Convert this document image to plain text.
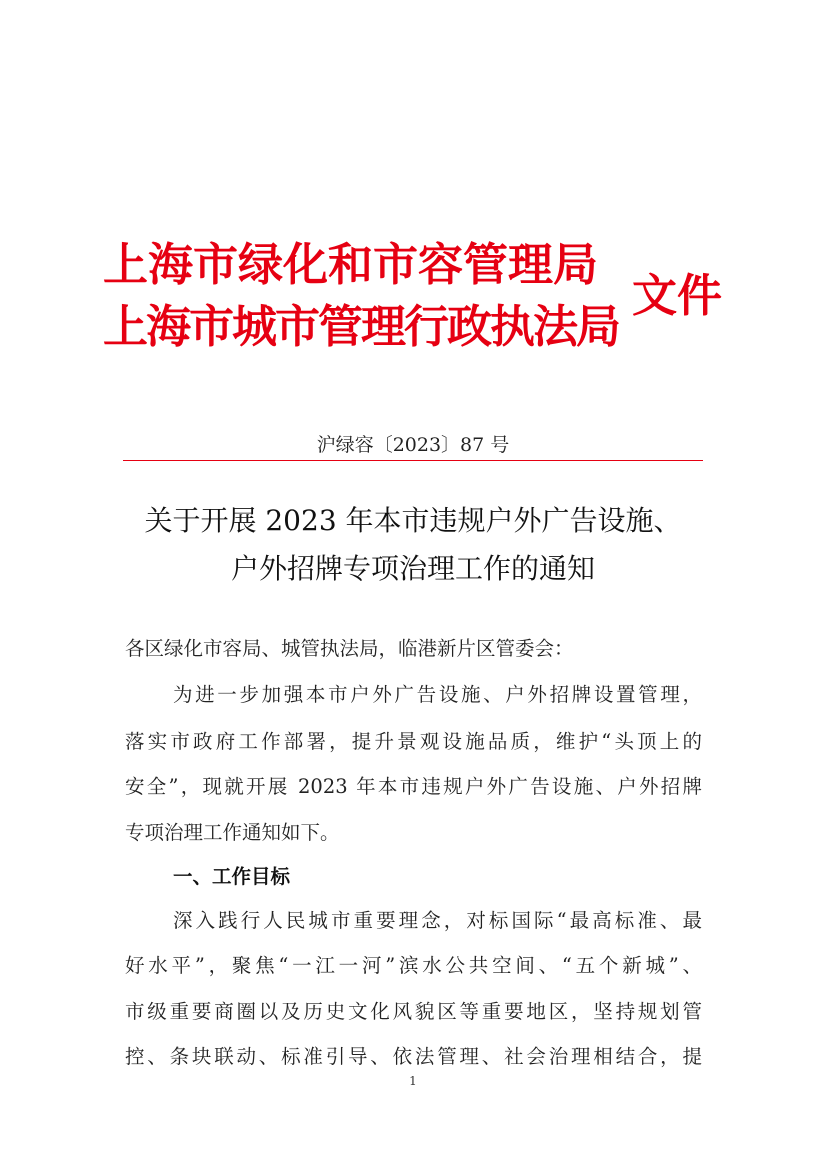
上海市绿化和市容管理局
上海市城市管理行政执法局
文件
沪绿容〔2023〕87 号
关于开展 2023 年本市违规户外广告设施、
户外招牌专项治理工作的通知
各区绿化市容局、城管执法局，临港新片区管委会：
为进一步加强本市户外广告设施、户外招牌设置管理，
落实市政府工作部署，提升景观设施品质，维护“头顶上的
安全”，现就开展 2023 年本市违规户外广告设施、户外招牌
专项治理工作通知如下。
一、工作目标
深入践行人民城市重要理念，对标国际“最高标准、最
好水平”，聚焦“一江一河”滨水公共空间、“五个新城”、
市级重要商圈以及历史文化风貌区等重要地区，坚持规划管
控、条块联动、标准引导、依法管理、社会治理相结合，提
1
